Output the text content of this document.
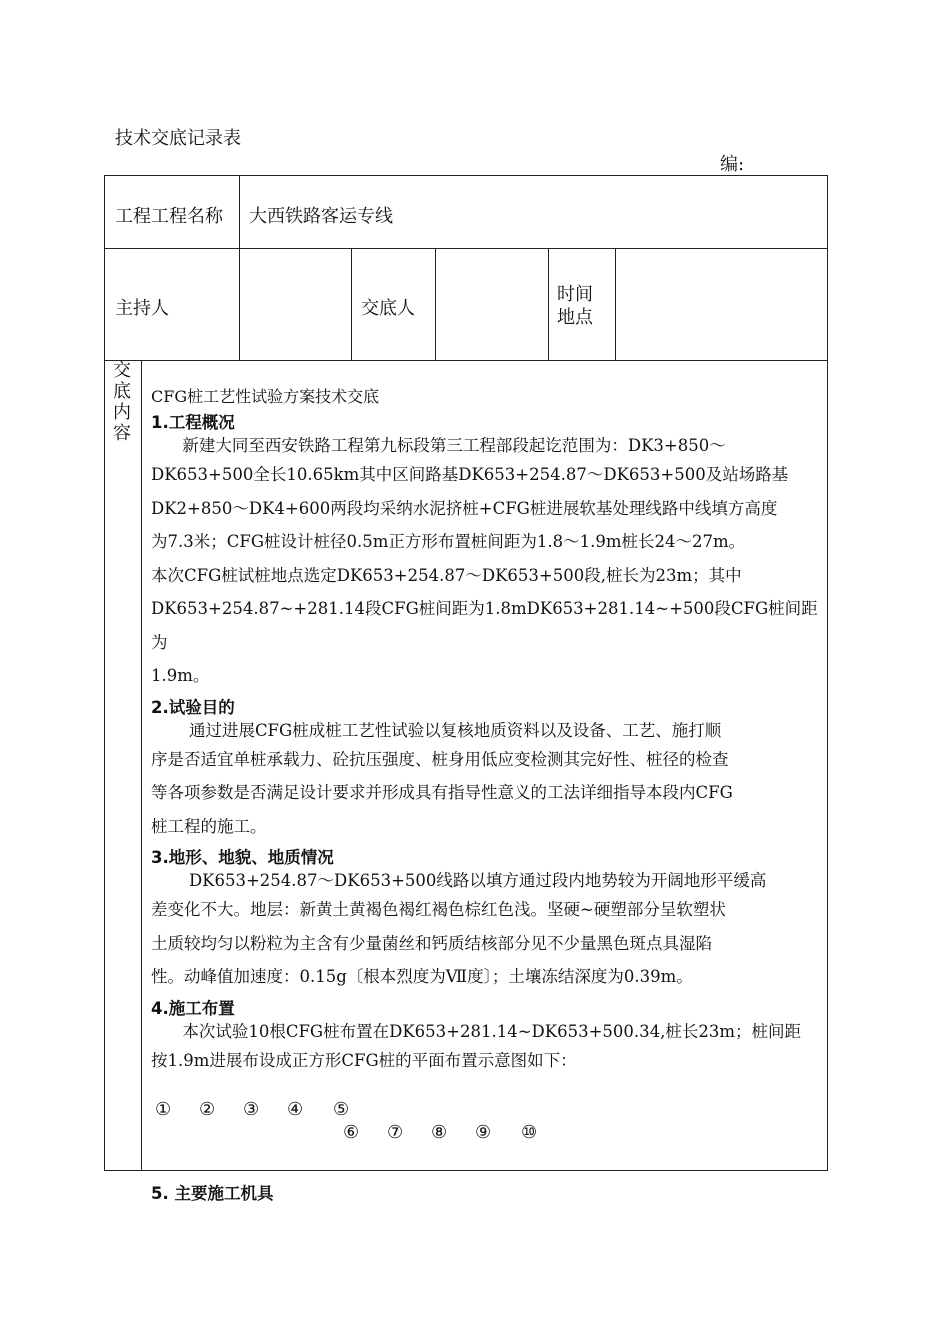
技术交底记录表
编:
工程工程名称 大西铁路客运专线
主持人	交底人
时间
地点
交
底
内
容

CFG桩工艺性试验方案技术交底

1.工程概况

新建大同至西安铁路工程第九标段第三工程部段起讫范围为：DK3+850～

DK653+500全长10.65km其中区间路基DK653+254.87～DK653+500及站场路基

DK2+850～DK4+600两段均采纳水泥挤桩+CFG桩进展软基处理线路中线填方高度

为7.3米；CFG桩设计桩径0.5m正方形布置桩间距为1.8～1.9m桩长24～27m。

本次CFG桩试桩地点选定DK653+254.87～DK653+500段,桩长为23m；其中

DK653+254.87~+281.14段CFG桩间距为1.8mDK653+281.14~+500段CFG桩间距为

1.9m。

2.试验目的

通过进展CFG桩成桩工艺性试验以复核地质资料以及设备、工艺、施打顺

序是否适宜单桩承载力、砼抗压强度、桩身用低应变检测其完好性、桩径的检查

等各项参数是否满足设计要求并形成具有指导性意义的工法详细指导本段内CFG

桩工程的施工。

3.地形、地貌、地质情况

DK653+254.87～DK653+500线路以填方通过段内地势较为开阔地形平缓高

差变化不大。地层：新黄土黄褐色褐红褐色棕红色浅。坚硬~硬塑部分呈软塑状

土质较均匀以粉粒为主含有少量菌丝和钙质结核部分见不少量黑色斑点具湿陷

性。动峰值加速度：0.15g〔根本烈度为Ⅶ度〕；土壤冻结深度为0.39m。

4.施工布置

本次试验10根CFG桩布置在DK653+281.14~DK653+500.34,桩长23m；桩间距

按1.9m进展布设成正方形CFG桩的平面布置示意图如下：

① ② ③ ④ ⑤
⑥ ⑦ ⑧ ⑨ ⑩

5. 主要施工机具
